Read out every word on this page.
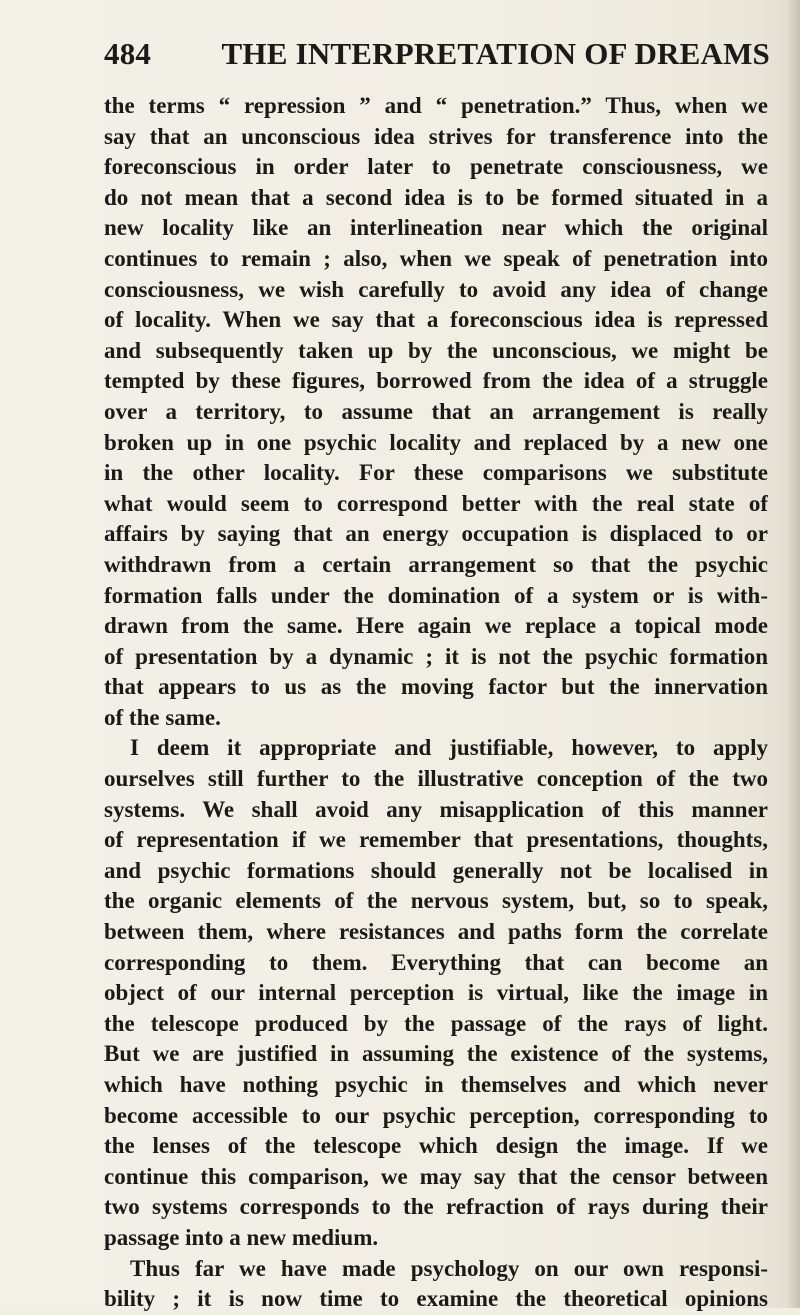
484	THE INTERPRETATION OF DREAMS
the terms “ repression ” and “ penetration.” Thus, when we
say that an unconscious idea strives for transference into the
foreconscious in order later to penetrate consciousness, we
do not mean that a second idea is to be formed situated in a
new locality like an interlineation near which the original
continues to remain ; also, when we speak of penetration into
consciousness, we wish carefully to avoid any idea of change
of locality. When we say that a foreconscious idea is repressed
and subsequently taken up by the unconscious, we might be
tempted by these figures, borrowed from the idea of a struggle
over a territory, to assume that an arrangement is really
broken up in one psychic locality and replaced by a new one
in the other locality. For these comparisons we substitute
what would seem to correspond better with the real state of
affairs by saying that an energy occupation is displaced to or
withdrawn from a certain arrangement so that the psychic
formation falls under the domination of a system or is with-
drawn from the same. Here again we replace a topical mode
of presentation by a dynamic ; it is not the psychic formation
that appears to us as the moving factor but the innervation
of the same.
I deem it appropriate and justifiable, however, to apply
ourselves still further to the illustrative conception of the two
systems. We shall avoid any misapplication of this manner
of representation if we remember that presentations, thoughts,
and psychic formations should generally not be localised in
the organic elements of the nervous system, but, so to speak,
between them, where resistances and paths form the correlate
corresponding to them. Everything that can become an
object of our internal perception is virtual, like the image in
the telescope produced by the passage of the rays of light.
But we are justified in assuming the existence of the systems,
which have nothing psychic in themselves and which never
become accessible to our psychic perception, corresponding to
the lenses of the telescope which design the image. If we
continue this comparison, we may say that the censor between
two systems corresponds to the refraction of rays during their
passage into a new medium.
Thus far we have made psychology on our own responsi-
bility ; it is now time to examine the theoretical opinions
